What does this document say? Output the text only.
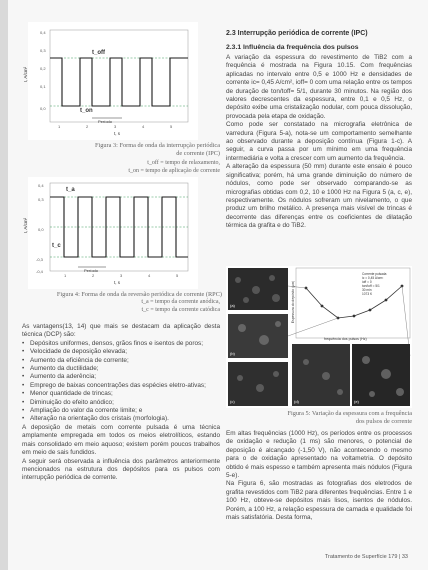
0,4
0,3
0,2
0,1
0,0
1	2	3	4	5
t_off
t_on
Período
t, s
I, A/cm²
Figura 3: Forma de onda da interrupção periódica de corrente (IPC)
t_off = tempo de relaxamento,
t_on = tempo de aplicação de corrente
0,4
0,3
0,0
-0,3
-0,4
1	2	3	4	5
t_a
t_c
Período
t, s
I, A/cm²
Figura 4: Forma de onda da reversão periódica de corrente (RPC)
t_a = tempo da corrente anódica,
t_c = tempo da corrente catódica

As vantagens(13, 14) que mais se destacam da aplicação desta técnica (DCP) são:

• Depósitos uniformes, densos, grãos finos e isentos de poros;
• Velocidade de deposição elevada;
• Aumento da eficiência de corrente;
• Aumento da ductilidade;
• Aumento da aderência;
• Emprego de baixas concentrações das espécies eletro-ativas;
• Menor quantidade de trincas;
• Diminuição do efeito anódico;
• Ampliação do valor da corrente limite; e
• Alteração na orientação dos cristais (morfologia).

A deposição de metais com corrente pulsada é uma técnica amplamente empregada em todos os meios eletrolíticos, estando mais consolidado em meio aquoso; existem porém poucos trabalhos em meio de sais fundidos.

A seguir será observada a influência dos parâmetros anteriormente mencionados na estrutura dos depósitos para os pulsos com interrupção periódica de corrente.

2.3 Interrupção periódica de corrente (IPC)
2.3.1 Influência da frequência dos pulsos

A variação da espessura do revestimento de TiB2 com a frequência é mostrada na Figura 10.15. Com frequências aplicadas no intervalo entre 0,5 e 1000 Hz e densidades de corrente ic= 0,45 A/cm², ioff= 0 com uma relação entre os tempos de duração de ton/toff= 5/1, durante 30 minutos. Na região dos valores decrescentes da espessura, entre 0,1 e 0,5 Hz, o depósito exibe uma cristalização nodular, com pouca dissolução, provocada pela etapa de oxidação.

Como pode ser constatado na micrografia eletrônica de varredura (Figura 5-a), nota-se um comportamento semelhante ao observado durante a deposição contínua (Figura 1-c). A seguir, a curva passa por um mínimo em uma frequência intermediária e volta a crescer com um aumento da frequência.

A alteração da espessura (50 mm) durante este ensaio é pouco significativa; porém, há uma grande diminuição do número de nódulos, como pode ser observado comparando-se as micrografias obtidas com 0,2, 10 e 1000 Hz na Figura 5 (a, c, e), respectivamente. Os nódulos sofreram um nivelamento, o que produz um brilho metálico. A presença mais visível de trincas é decorrente das diferenças entre os coeficientes de dilatação térmica da grafita e do TiB2.

Corrente pulsada
ic = 0,45 A/cm²
ioff = 0
ton/toff = 5/1
30 min
1073 K
frequência dos pulsos (Hz)
Espessura do depósito (µm)
(a)
(b)
(c)	(d)	(e)
Figura 5: Variação da espessura com a frequência dos pulsos de corrente

Em altas frequências (1000 Hz), os períodos entre os processos de oxidação e redução (1 ms) são menores, o potencial de deposição é alcançado (-1,50 V), não acontecendo o mesmo para o de oxidação apresentado na voltametria. O depósito obtido é mais espesso e também apresenta mais nódulos (Figura 5-e).

Na Figura 6, são mostradas as fotografias dos eletrodos de grafita revestidos com TiB2 para diferentes frequências. Entre 1 e 100 Hz, obteve-se depósitos mais lisos, isentos de nódulos. Porém, a 100 Hz, a relação espessura de camada e qualidade foi mais satisfatória. Desta forma,

Tratamento de Superfície 179 | 33
